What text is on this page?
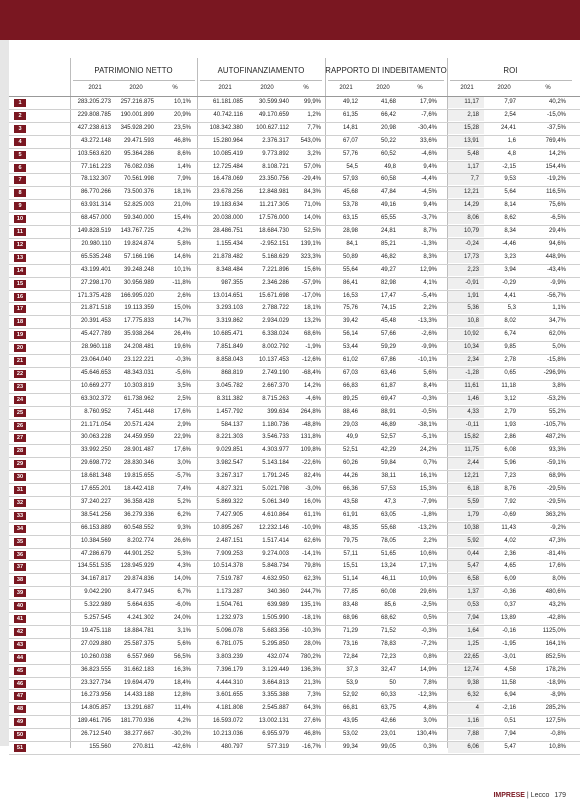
PATRIMONIO NETTO	AUTOFINANZIAMENTO	RAPPORTO DI INDEBITAMENTO	ROI
2021	2020	%	2021	2020	%	2021	2020	%	2021	2020	%
1	283.205.273 257.216.875	10,1%	61.181.085	30.599.940 99,9%	49,12	41,68	17,9%	11,17	7,97	40,2%
2	229.808.785 190.001.899	20,9%	40.742.116	49.170.659	1,2%	61,35	66,42	-7,6%	2,18	2,54	-15,0%
3	427.238.613 345.928.290	23,5%	108.342.380 100.627.112	7,7%	14,81	20,98	-30,4%	15,28	24,41	-37,5%
4	43.272.148 29.471.593	46,8%	15.280.964	2.376.317 543,0%	67,07	50,22	33,6%	13,91	1,6	769,4%
5	103.563.620 95.364.286	8,6%	10.085.419	9.773.892	3,2%	57,76	60,52	-4,6%	5,48	4,8	14,2%
6	77.161.223 76.082.036	1,4%	12.725.484	8.108.721 57,0%	54,5	49,8	9,4%	1,17	-2,15	154,4%
7	78.132.307 70.561.998	7,9%	16.478.069	23.350.756 -29,4%	57,93	60,58	-4,4%	7,7	9,53	-19,2%
8	86.770.266 73.500.376	18,1%	23.678.256	12.848.981 84,3%	45,68	47,84	-4,5%	12,21	5,64	116,5%
9	63.931.314 52.825.003	21,0%	19.183.634	11.217.305 71,0%	53,78	49,16	9,4%	14,29	8,14	75,6%
10	68.457.000 59.340.000	15,4%	20.038.000	17.576.000 14,0%	63,15	65,55	-3,7%	8,06	8,62	-6,5%
11	149.828.519 143.767.725	4,2%	28.486.751	18.684.730 52,5%	28,98	24,81	8,7%	10,79	8,34	29,4%
12	20.980.110 19.824.874	5,8%	1.155.434	-2.952.151 139,1%	84,1	85,21	-1,3%	-0,24	-4,46	94,6%
13	65.535.248 57.166.196	14,6%	21.878.482	5.168.629 323,3%	50,89	46,82	8,3%	17,73	3,23	448,9%
14	43.199.401 39.248.248	10,1%	8.348.484	7.221.896 15,6%	55,64	49,27	12,9%	2,23	3,94	-43,4%
15	27.298.170 30.956.989	-11,8%	987.355	2.346.286 -57,9%	86,41	82,98	4,1%	-0,91	-0,29	-9,9%
16	171.375.428 166.995.020	2,6%	13.014.651	15.671.698 -17,0%	16,53	17,47	-5,4%	1,91	4,41	-56,7%
17	21.871.518 19.113.359	15,0%	3.293.103	2.788.722 18,1%	75,76	74,15	2,2%	5,36	5,3	1,1%
18	20.391.453 17.775.833	14,7%	3.319.862	2.934.029 13,2%	39,42	45,48	-13,3%	10,8	8,02	34,7%
19	45.427.789 35.938.264	26,4%	10.685.471	6.338.024 68,6%	56,14	57,66	-2,6%	10,92	6,74	62,0%
20	28.960.118 24.208.481	19,6%	7.851.849	8.002.792	-1,9%	53,44	59,29	-9,9%	10,34	9,85	5,0%
21	23.064.040 23.122.221	-0,3%	8.858.043	10.137.453 -12,6%	61,02	67,86	-10,1%	2,34	2,78	-15,8%
22	45.646.653 48.343.031	-5,6%	868.819	2.749.190 -68,4%	67,03	63,46	5,6%	-1,28	0,65	-296,9%
23	10.669.277 10.303.819	3,5%	3.045.782	2.667.370 14,2%	66,83	61,87	8,4%	11,61	11,18	3,8%
24	63.302.372 61.738.962	2,5%	8.311.382	8.715.263	-4,6%	89,25	69,47	-0,3%	1,46	3,12	-53,2%
25	8.760.952	7.451.448	17,6%	1.457.792	399.634 264,8%	88,46	88,91	-0,5%	4,33	2,79	55,2%
26	21.171.054 20.571.424	2,9%	584.137	1.180.736 -48,8%	29,03	46,89	-38,1%	-0,11	1,93	-105,7%
27	30.063.228 24.459.959	22,9%	8.221.303	3.546.733 131,8%	49,9	52,57	-5,1%	15,82	2,86	487,2%
28	33.992.250 28.901.487	17,6%	9.029.851	4.303.977 109,8%	52,51	42,29	24,2%	11,75	6,08	93,3%
29	29.698.772 28.830.346	3,0%	3.982.547	5.143.184 -22,6%	60,26	59,84	0,7%	2,44	5,96	-59,1%
30	18.681.348 19.815.655	-5,7%	3.267.317	1.791.245 82,4%	44,26	38,11	16,1%	12,21	7,23	68,9%
31	17.655.201 18.442.418	7,4%	4.827.321	5.021.798	-3,0%	66,36	57,53	15,3%	6,18	8,76	-29,5%
32	37.240.227 36.358.428	5,2%	5.869.322	5.061.349 16,0%	43,58	47,3	-7,9%	5,59	7,92	-29,5%
33	38.541.256 36.279.336	6,2%	7.427.905	4.610.864 61,1%	61,91	63,05	-1,8%	1,79	-0,69	363,2%
34	66.153.889 60.548.552	9,3%	10.895.267	12.232.146 -10,9%	48,35	55,68	-13,2%	10,38	11,43	-9,2%
35	10.384.569	8.202.774	26,6%	2.487.151	1.517.414 62,6%	79,75	78,05	2,2%	5,92	4,02	47,3%
36	47.286.679 44.901.252	5,3%	7.909.253	9.274.003 -14,1%	57,11	51,65	10,6%	0,44	2,36	-81,4%
37	134.551.535 128.945.929	4,3%	10.514.378	5.848.734 79,8%	15,51	13,24	17,1%	5,47	4,65	17,6%
38	34.167.817 29.874.836	14,0%	7.519.787	4.632.950 62,3%	51,14	46,11	10,9%	6,58	6,09	8,0%
39	9.042.290	8.477.945	6,7%	1.173.287	340.360 244,7%	77,85	60,08	29,6%	1,37	-0,36	480,6%
40	5.322.989	5.664.635	-6,0%	1.504.761	639.989 135,1%	83,48	85,6	-2,5%	0,53	0,37	43,2%
41	5.257.545	4.241.302	24,0%	1.232.973	1.505.990 -18,1%	68,96	68,62	0,5%	7,94	13,89	-42,8%
42	19.475.118 18.884.781	3,1%	5.096.078	5.683.356 -10,3%	71,29	71,52	-0,3%	1,64	-0,16	1125,0%
43	27.029.880 25.587.375	5,6%	6.781.075	5.295.850 28,0%	73,16	78,83	-7,2%	1,25	-1,95	164,1%
44	10.260.038	6.557.969	56,5%	3.803.239	432.074 780,2%	72,84	72,23	0,8%	22,65	-3,01	852,5%
45	36.823.555 31.662.183	16,3%	7.396.179	3.129.449 136,3%	37,3	32,47	14,9%	12,74	4,58	178,2%
46	23.327.734 19.694.479	18,4%	4.444.310	3.664.813 21,3%	53,9	50	7,8%	9,38	11,58	-18,9%
47	16.273.956 14.433.188	12,8%	3.601.655	3.355.388	7,3%	52,92	60,33	-12,3%	6,32	6,94	-8,9%
48	14.805.857 13.291.687	11,4%	4.181.808	2.545.887 64,3%	66,81	63,75	4,8%	4	-2,16	285,2%
49	189.461.795 181.770.936	4,2%	16.593.072	13.002.131 27,6%	43,95	42,66	3,0%	1,16	0,51	127,5%
50	26.712.540 38.277.667	-30,2%	10.213.036	6.955.979 46,8%	53,02	23,01	130,4%	7,88	7,94	-0,8%
51	155.560	270.811	-42,6%	480.797	577.319 -16,7%	99,34	99,05	0,3%	6,06	5,47	10,8%
IMPRESE | Lecco 179
